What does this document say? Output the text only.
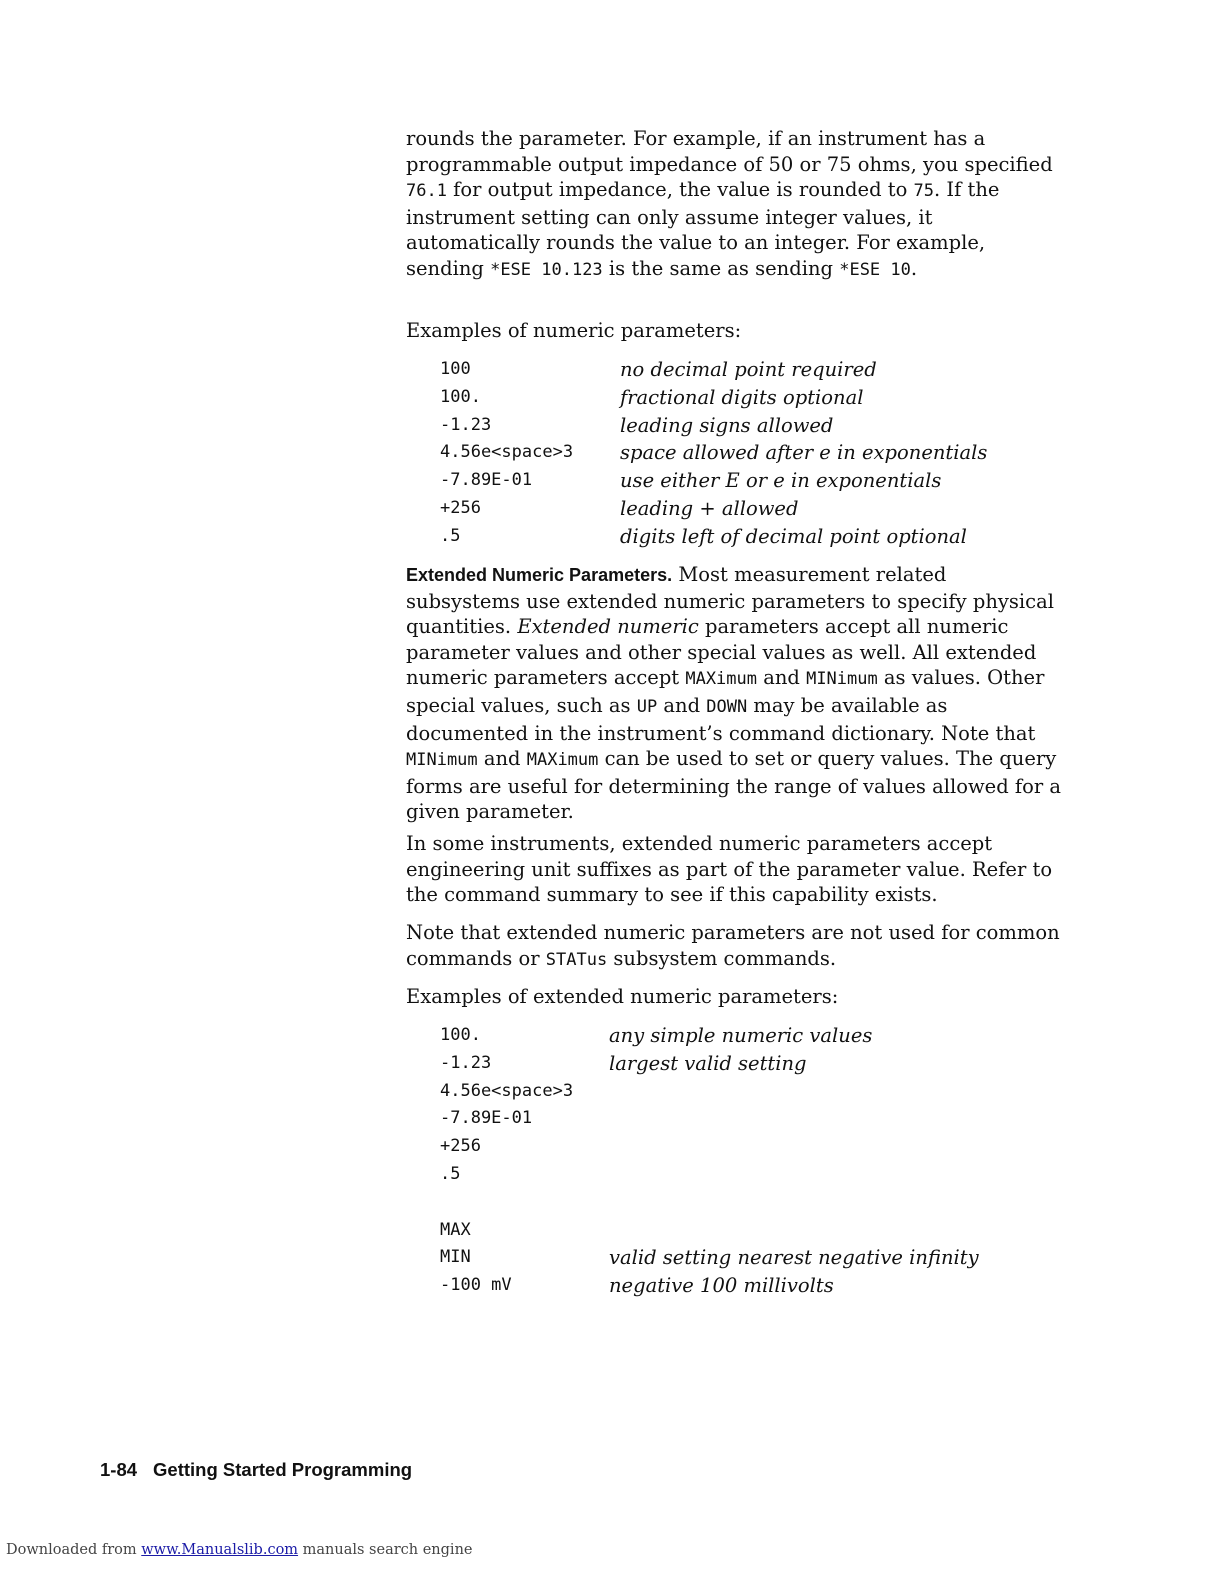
rounds the parameter. For example, if an instrument has a programmable output impedance of 50 or 75 ohms, you specified 76.1 for output impedance, the value is rounded to 75. If the instrument setting can only assume integer values, it automatically rounds the value to an integer. For example, sending *ESE 10.123 is the same as sending *ESE 10.

Examples of numeric parameters:

100	no decimal point required
100.	fractional digits optional
-1.23	leading signs allowed
4.56e<space>3 space allowed after e in exponentials
-7.89E-01	use either E or e in exponentials
+256	leading + allowed
.5	digits left of decimal point optional

Extended Numeric Parameters. Most measurement related subsystems use extended numeric parameters to specify physical quantities. Extended numeric parameters accept all numeric parameter values and other special values as well. All extended numeric parameters accept MAXimum and MINimum as values. Other special values, such as UP and DOWN may be available as documented in the instrument’s command dictionary. Note that MINimum and MAXimum can be used to set or query values. The query forms are useful for determining the range of values allowed for a given parameter.

In some instruments, extended numeric parameters accept engineering unit suffixes as part of the parameter value. Refer to the command summary to see if this capability exists.

Note that extended numeric parameters are not used for common commands or STATus subsystem commands.

Examples of extended numeric parameters:

100.	any simple numeric values
-1.23	largest valid setting
4.56e<space>3
-7.89E-01
+256
.5
MAX
MIN	valid setting nearest negative infinity
-100 mV	negative 100 millivolts
1-84 Getting Started Programming
Downloaded from www.Manualslib.com manuals search engine
